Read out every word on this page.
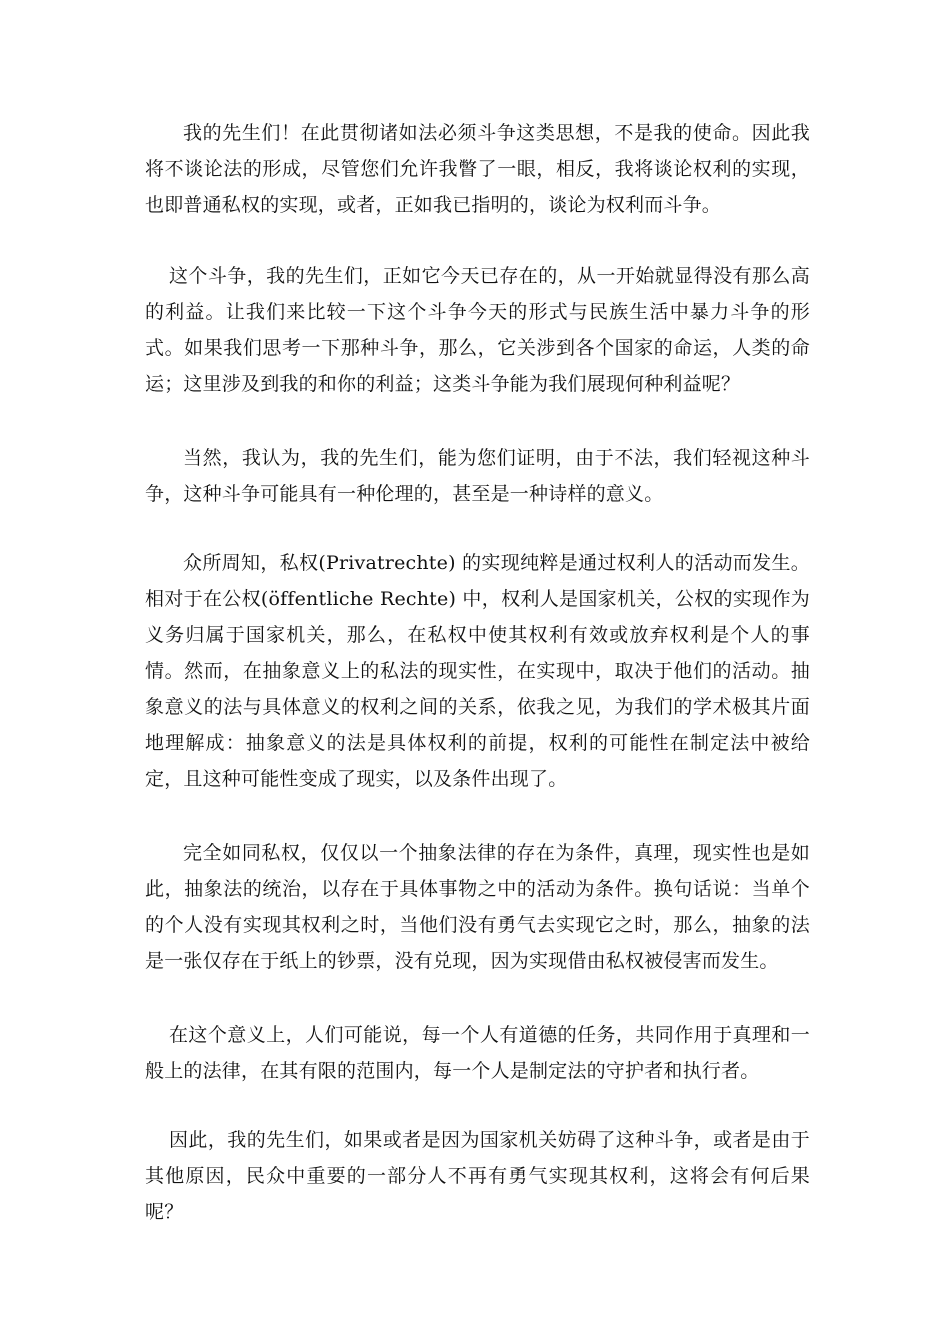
我的先生们！在此贯彻诸如法必须斗争这类思想，不是我的使命。因此我将不谈论法的形成，尽管您们允许我瞥了一眼，相反，我将谈论权利的实现，也即普通私权的实现，或者，正如我已指明的，谈论为权利而斗争。

这个斗争，我的先生们，正如它今天已存在的，从一开始就显得没有那么高的利益。让我们来比较一下这个斗争今天的形式与民族生活中暴力斗争的形式。如果我们思考一下那种斗争，那么，它关涉到各个国家的命运，人类的命运；这里涉及到我的和你的利益；这类斗争能为我们展现何种利益呢？

当然，我认为，我的先生们，能为您们证明，由于不法，我们轻视这种斗争，这种斗争可能具有一种伦理的，甚至是一种诗样的意义。

众所周知，私权(Privatrechte) 的实现纯粹是通过权利人的活动而发生。相对于在公权(öffentliche Rechte) 中，权利人是国家机关，公权的实现作为义务归属于国家机关，那么，在私权中使其权利有效或放弃权利是个人的事情。然而，在抽象意义上的私法的现实性，在实现中，取决于他们的活动。抽象意义的法与具体意义的权利之间的关系，依我之见，为我们的学术极其片面地理解成：抽象意义的法是具体权利的前提，权利的可能性在制定法中被给定，且这种可能性变成了现实，以及条件出现了。

完全如同私权，仅仅以一个抽象法律的存在为条件，真理，现实性也是如此，抽象法的统治，以存在于具体事物之中的活动为条件。换句话说：当单个的个人没有实现其权利之时，当他们没有勇气去实现它之时，那么，抽象的法是一张仅存在于纸上的钞票，没有兑现，因为实现借由私权被侵害而发生。

在这个意义上，人们可能说，每一个人有道德的任务，共同作用于真理和一般上的法律，在其有限的范围内，每一个人是制定法的守护者和执行者。

因此，我的先生们，如果或者是因为国家机关妨碍了这种斗争，或者是由于其他原因，民众中重要的一部分人不再有勇气实现其权利，这将会有何后果呢？
